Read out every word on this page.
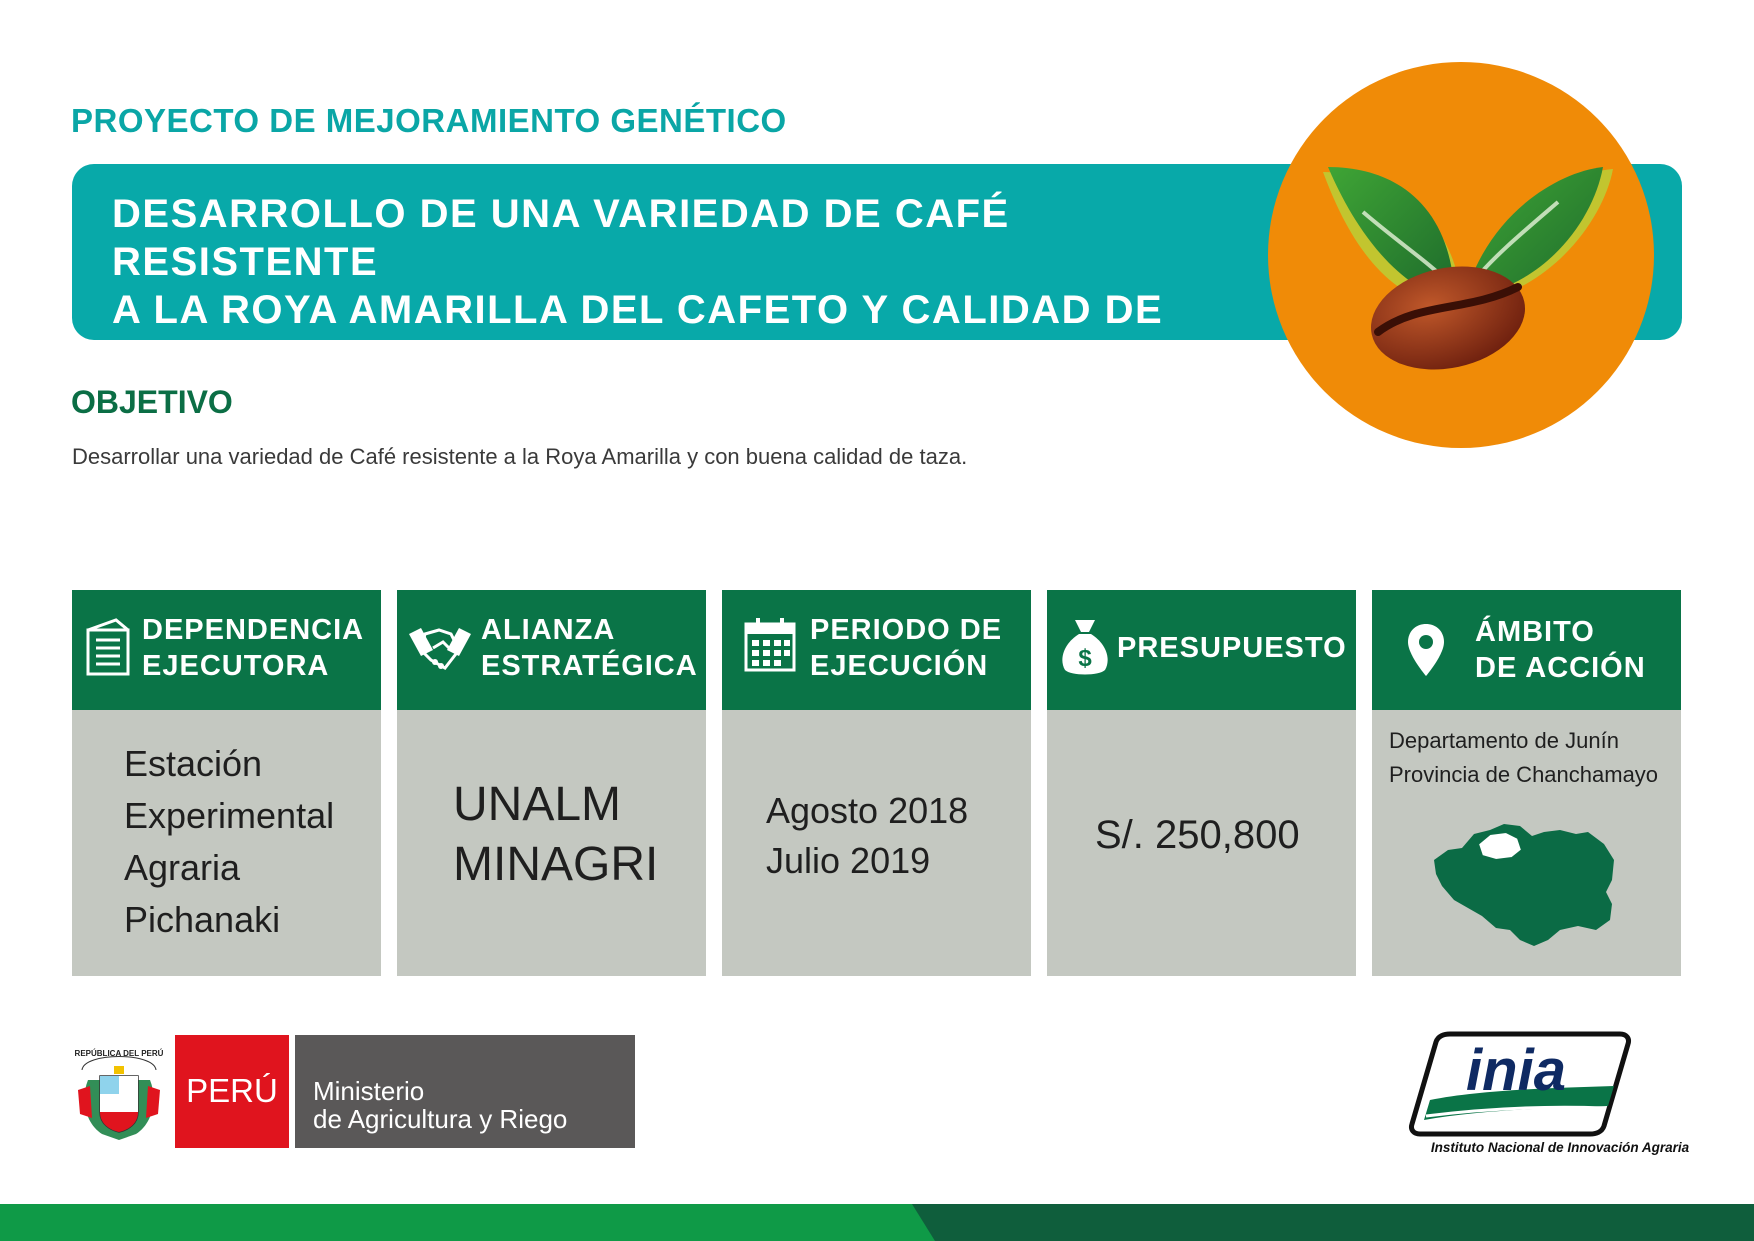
PROYECTO DE MEJORAMIENTO GENÉTICO
DESARROLLO DE UNA VARIEDAD DE CAFÉ RESISTENTE
A LA ROYA AMARILLA DEL CAFETO Y CALIDAD DE TAZA
OBJETIVO
Desarrollar una variedad de Café resistente a la Roya Amarilla y con buena calidad de taza.
DEPENDENCIA
EJECUTORA
Estación
Experimental
Agraria
Pichanaki
ALIANZA
ESTRATÉGICA
UNALM
MINAGRI
PERIODO DE
EJECUCIÓN
Agosto 2018
Julio 2019
$ PRESUPUESTO
S/. 250,800
ÁMBITO
DE ACCIÓN
Departamento de Junín
Provincia de Chanchamayo
REPÚBLICA DEL PERÚ
PERÚ	Ministerio
de Agricultura y Riego
inia
Instituto Nacional de Innovación Agraria
